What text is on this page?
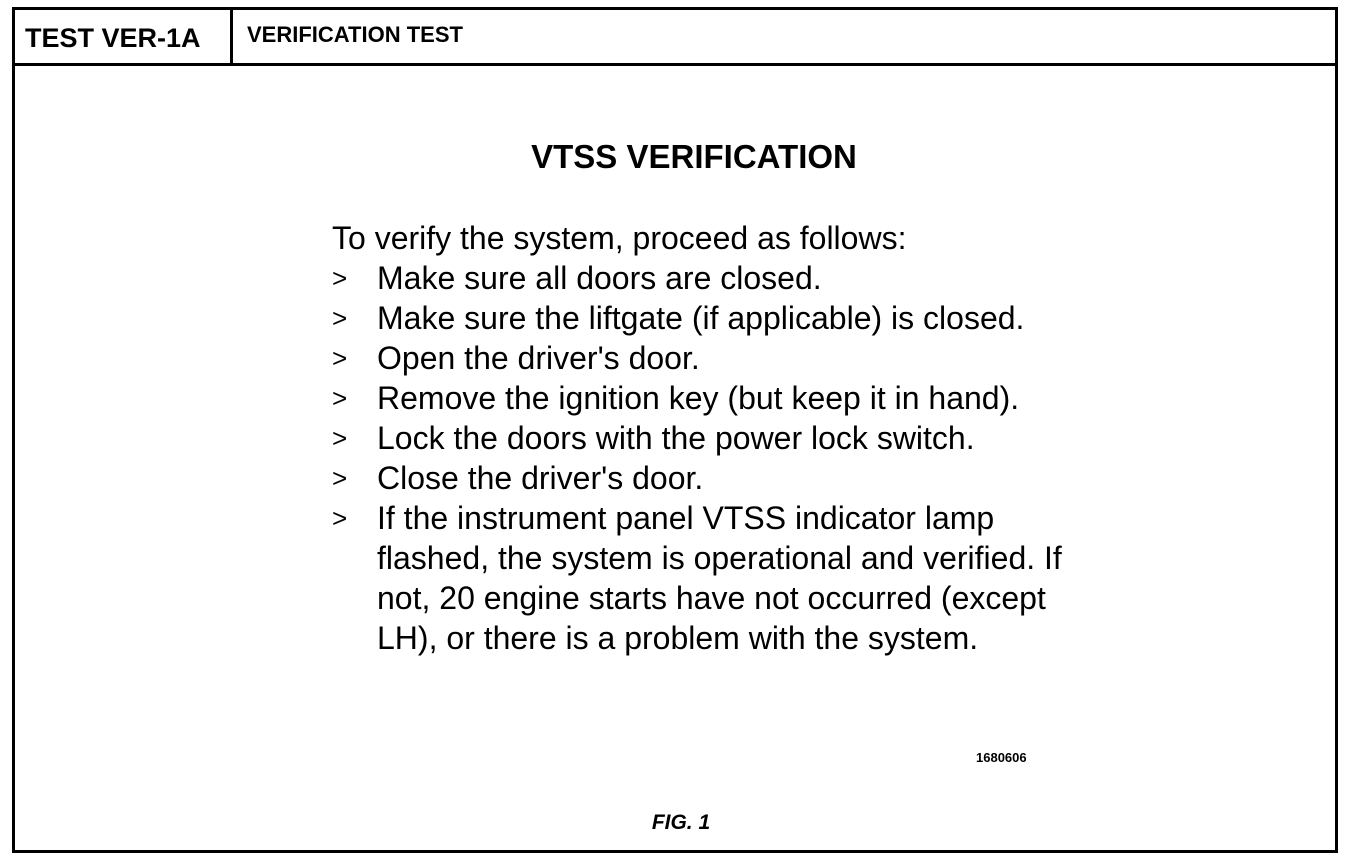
TEST VER-1A	VERIFICATION TEST
VTSS VERIFICATION
To verify the system, proceed as follows:
> Make sure all doors are closed.
> Make sure the liftgate (if applicable) is closed.
> Open the driver's door.
> Remove the ignition key (but keep it in hand).
> Lock the doors with the power lock switch.
> Close the driver's door.
> If the instrument panel VTSS indicator lamp flashed, the system is operational and verified. If not, 20 engine starts have not occurred (except LH), or there is a problem with the system.
1680606
FIG. 1
